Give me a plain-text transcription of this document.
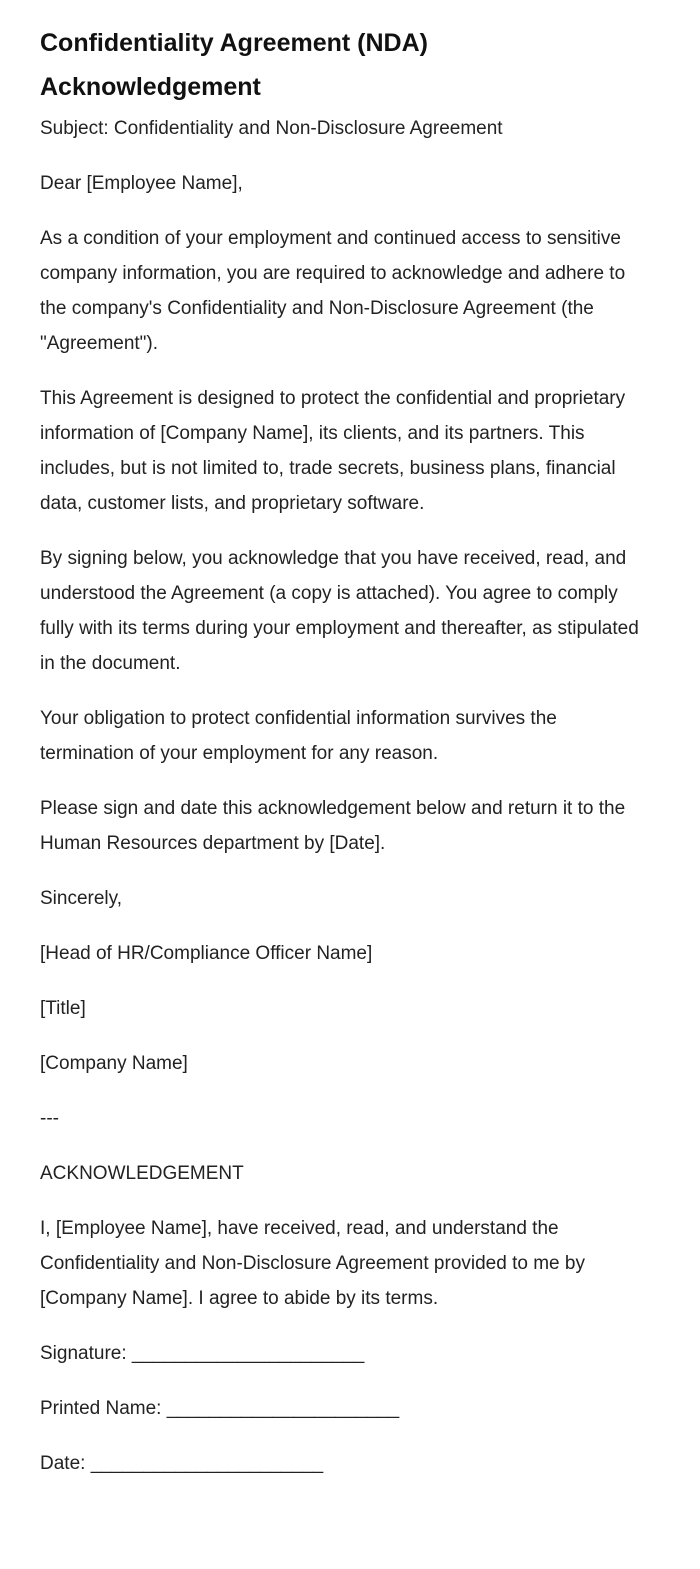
Confidentiality Agreement (NDA) Acknowledgement

Subject: Confidentiality and Non-Disclosure Agreement

Dear [Employee Name],

As a condition of your employment and continued access to sensitive company information, you are required to acknowledge and adhere to the company's Confidentiality and Non-Disclosure Agreement (the "Agreement").

This Agreement is designed to protect the confidential and proprietary information of [Company Name], its clients, and its partners. This includes, but is not limited to, trade secrets, business plans, financial data, customer lists, and proprietary software.

By signing below, you acknowledge that you have received, read, and understood the Agreement (a copy is attached). You agree to comply fully with its terms during your employment and thereafter, as stipulated in the document.

Your obligation to protect confidential information survives the termination of your employment for any reason.

Please sign and date this acknowledgement below and return it to the Human Resources department by [Date].

Sincerely,

[Head of HR/Compliance Officer Name]

[Title]

[Company Name]

---

ACKNOWLEDGEMENT

I, [Employee Name], have received, read, and understand the Confidentiality and Non-Disclosure Agreement provided to me by [Company Name]. I agree to abide by its terms.

Signature: ______________________

Printed Name: ______________________

Date: ______________________
